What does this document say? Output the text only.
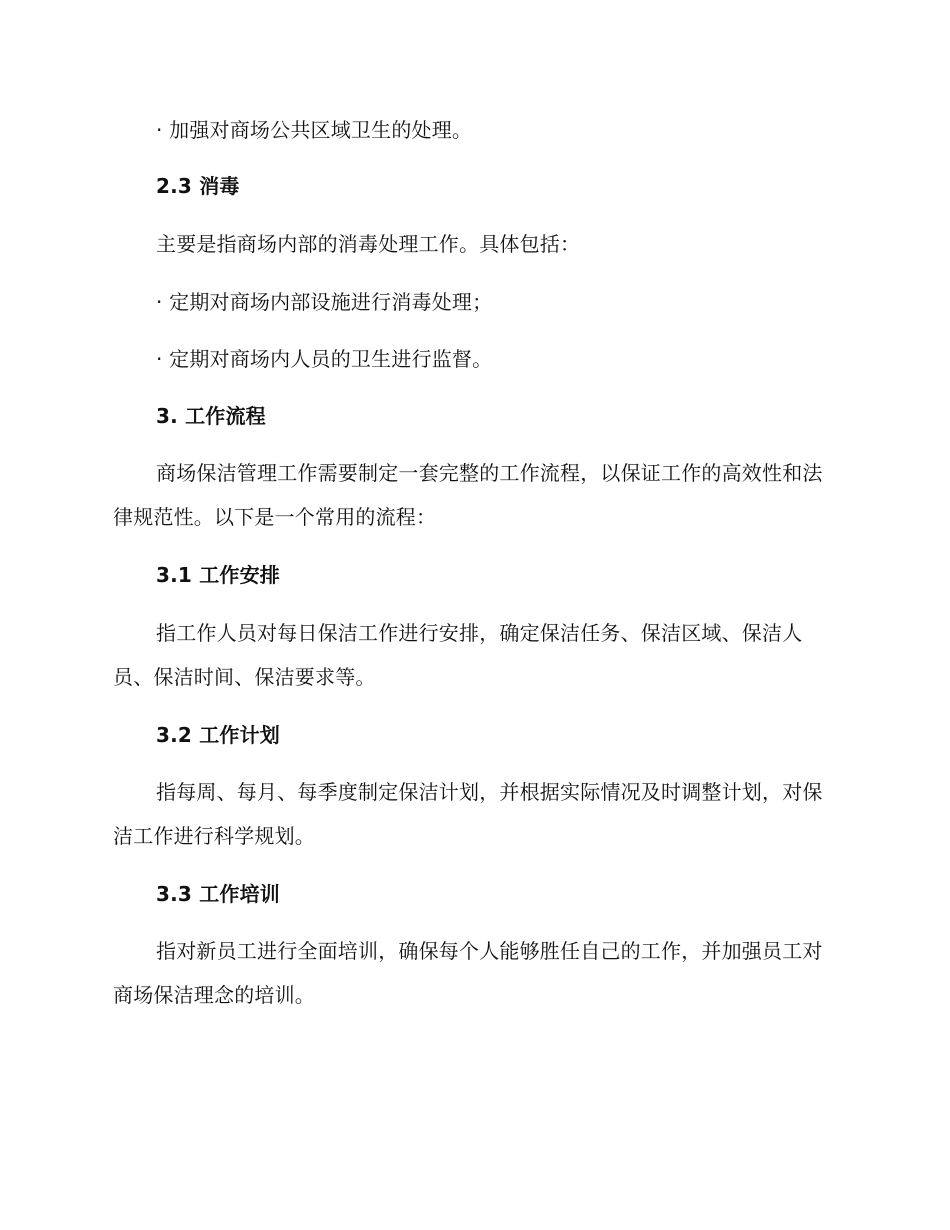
· 加强对商场公共区域卫生的处理。
2.3 消毒
主要是指商场内部的消毒处理工作。具体包括：
· 定期对商场内部设施进行消毒处理；
· 定期对商场内人员的卫生进行监督。
3. 工作流程
商场保洁管理工作需要制定一套完整的工作流程，以保证工作的高效性和法律规范性。以下是一个常用的流程：
3.1 工作安排
指工作人员对每日保洁工作进行安排，确定保洁任务、保洁区域、保洁人员、保洁时间、保洁要求等。
3.2 工作计划
指每周、每月、每季度制定保洁计划，并根据实际情况及时调整计划，对保洁工作进行科学规划。
3.3 工作培训
指对新员工进行全面培训，确保每个人能够胜任自己的工作，并加强员工对商场保洁理念的培训。
